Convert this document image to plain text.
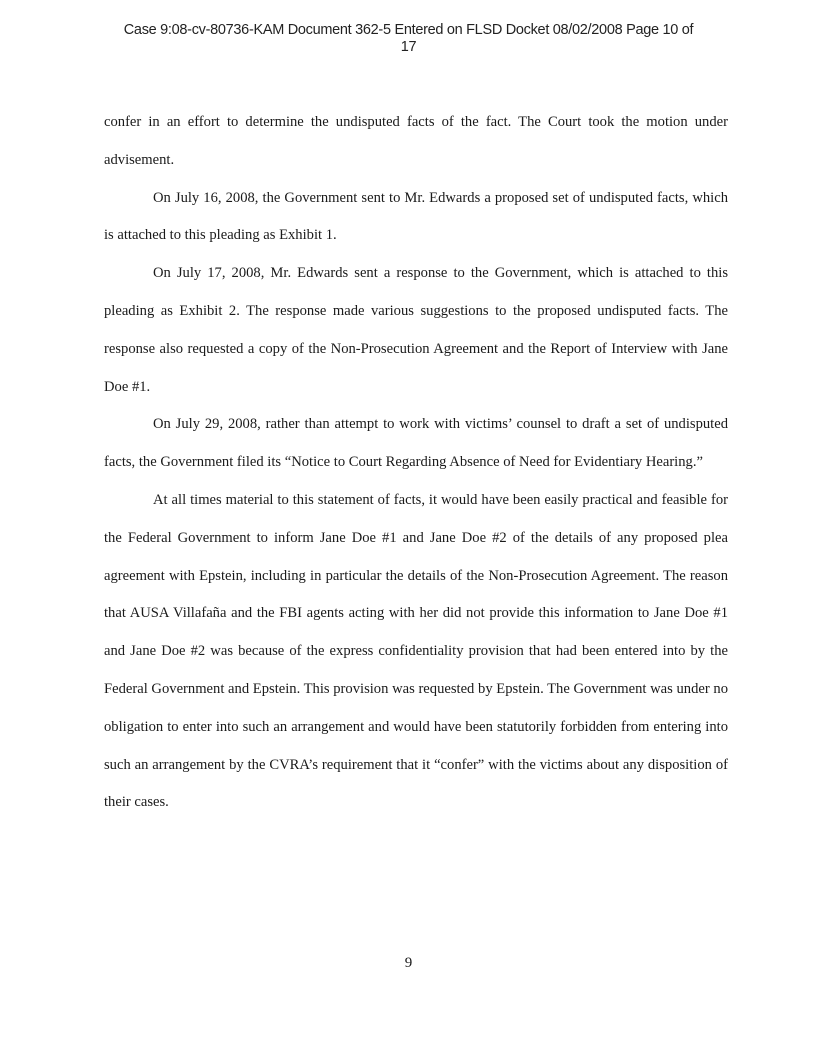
Case 9:08-cv-80736-KAM Document 362-5 Entered on FLSD Docket 08/02/2008 Page 10 of
17

confer in an effort to determine the undisputed facts of the fact. The Court took the motion under advisement.

On July 16, 2008, the Government sent to Mr. Edwards a proposed set of undisputed facts, which is attached to this pleading as Exhibit 1.

On July 17, 2008, Mr. Edwards sent a response to the Government, which is attached to this pleading as Exhibit 2. The response made various suggestions to the proposed undisputed facts. The response also requested a copy of the Non-Prosecution Agreement and the Report of Interview with Jane Doe #1.

On July 29, 2008, rather than attempt to work with victims’ counsel to draft a set of undisputed facts, the Government filed its “Notice to Court Regarding Absence of Need for Evidentiary Hearing.”

At all times material to this statement of facts, it would have been easily practical and feasible for the Federal Government to inform Jane Doe #1 and Jane Doe #2 of the details of any proposed plea agreement with Epstein, including in particular the details of the Non-Prosecution Agreement. The reason that AUSA Villafaña and the FBI agents acting with her did not provide this information to Jane Doe #1 and Jane Doe #2 was because of the express confidentiality provision that had been entered into by the Federal Government and Epstein. This provision was requested by Epstein. The Government was under no obligation to enter into such an arrangement and would have been statutorily forbidden from entering into such an arrangement by the CVRA’s requirement that it “confer” with the victims about any disposition of their cases.

9
